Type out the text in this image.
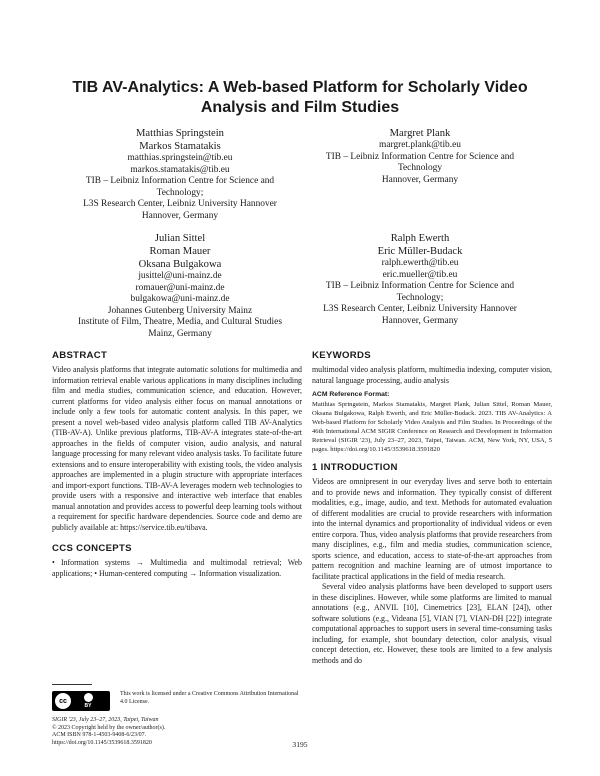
TIB AV-Analytics: A Web-based Platform for Scholarly Video
Analysis and Film Studies
Matthias Springstein
Markos Stamatakis
matthias.springstein@tib.eu
markos.stamatakis@tib.eu
TIB – Leibniz Information Centre for Science and
Technology;
L3S Research Center, Leibniz University Hannover
Hannover, Germany
Margret Plank
margret.plank@tib.eu
TIB – Leibniz Information Centre for Science and
Technology
Hannover, Germany
Julian Sittel
Roman Mauer
Oksana Bulgakowa
jusittel@uni-mainz.de
romauer@uni-mainz.de
bulgakowa@uni-mainz.de
Johannes Gutenberg University Mainz
Institute of Film, Theatre, Media, and Cultural Studies
Mainz, Germany
Ralph Ewerth
Eric Müller-Budack
ralph.ewerth@tib.eu
eric.mueller@tib.eu
TIB – Leibniz Information Centre for Science and
Technology;
L3S Research Center, Leibniz University Hannover
Hannover, Germany
ABSTRACT

Video analysis platforms that integrate automatic solutions for multimedia and information retrieval enable various applications in many disciplines including film and media studies, communication science, and education. However, current platforms for video analysis either focus on manual annotations or include only a few tools for automatic content analysis. In this paper, we present a novel web-based video analysis platform called TIB AV-Analytics (TIB-AV-A). Unlike previous platforms, TIB-AV-A integrates state-of-the-art approaches in the fields of computer vision, audio analysis, and natural language processing for many relevant video analysis tasks. To facilitate future extensions and to ensure interoperability with existing tools, the video analysis approaches are implemented in a plugin structure with appropriate interfaces and import-export functions. TIB-AV-A leverages modern web technologies to provide users with a responsive and interactive web interface that enables manual annotation and provides access to powerful deep learning tools without a requirement for specific hardware dependencies. Source code and demo are publicly available at: https://service.tib.eu/tibava.

CCS CONCEPTS

• Information systems → Multimedia and multimodal retrieval; Web applications; • Human-centered computing → Information visualization.

cc
BY

This work is licensed under a Creative Commons Attribution International 4.0 License.

SIGIR '23, July 23–27, 2023, Taipei, Taiwan

© 2023 Copyright held by the owner/author(s).

ACM ISBN 978-1-4503-9408-6/23/07.

https://doi.org/10.1145/3539618.3591820

KEYWORDS

multimodal video analysis platform, multimedia indexing, computer vision, natural language processing, audio analysis

ACM Reference Format:

Matthias Springstein, Markos Stamatakis, Margret Plank, Julian Sittel, Roman Mauer, Oksana Bulgakowa, Ralph Ewerth, and Eric Müller-Budack. 2023. TIB AV-Analytics: A Web-based Platform for Scholarly Video Analysis and Film Studies. In Proceedings of the 46th International ACM SIGIR Conference on Research and Development in Information Retrieval (SIGIR '23), July 23–27, 2023, Taipei, Taiwan. ACM, New York, NY, USA, 5 pages. https://doi.org/10.1145/3539618.3591820

1 INTRODUCTION

Videos are omnipresent in our everyday lives and serve both to entertain and to provide news and information. They typically consist of different modalities, e.g., image, audio, and text. Methods for automated evaluation of different modalities are crucial to provide researchers with information into the internal dynamics and proportionality of individual videos or even entire corpora. Thus, video analysis platforms that provide researchers from many disciplines, e.g., film and media studies, communication science, sports science, and education, access to state-of-the-art approaches from pattern recognition and machine learning are of utmost importance to facilitate practical applications in the field of media research.

Several video analysis platforms have been developed to support users in these disciplines. However, while some platforms are limited to manual annotations (e.g., ANVIL [10], Cinemetrics [23], ELAN [24]), other software solutions (e.g., Videana [5], VIAN [7], VIAN-DH [22]) integrate computational approaches to support users in several time-consuming tasks including, for example, shot boundary detection, color analysis, visual concept detection, etc. However, these tools are limited to a few analysis methods and do

3195
